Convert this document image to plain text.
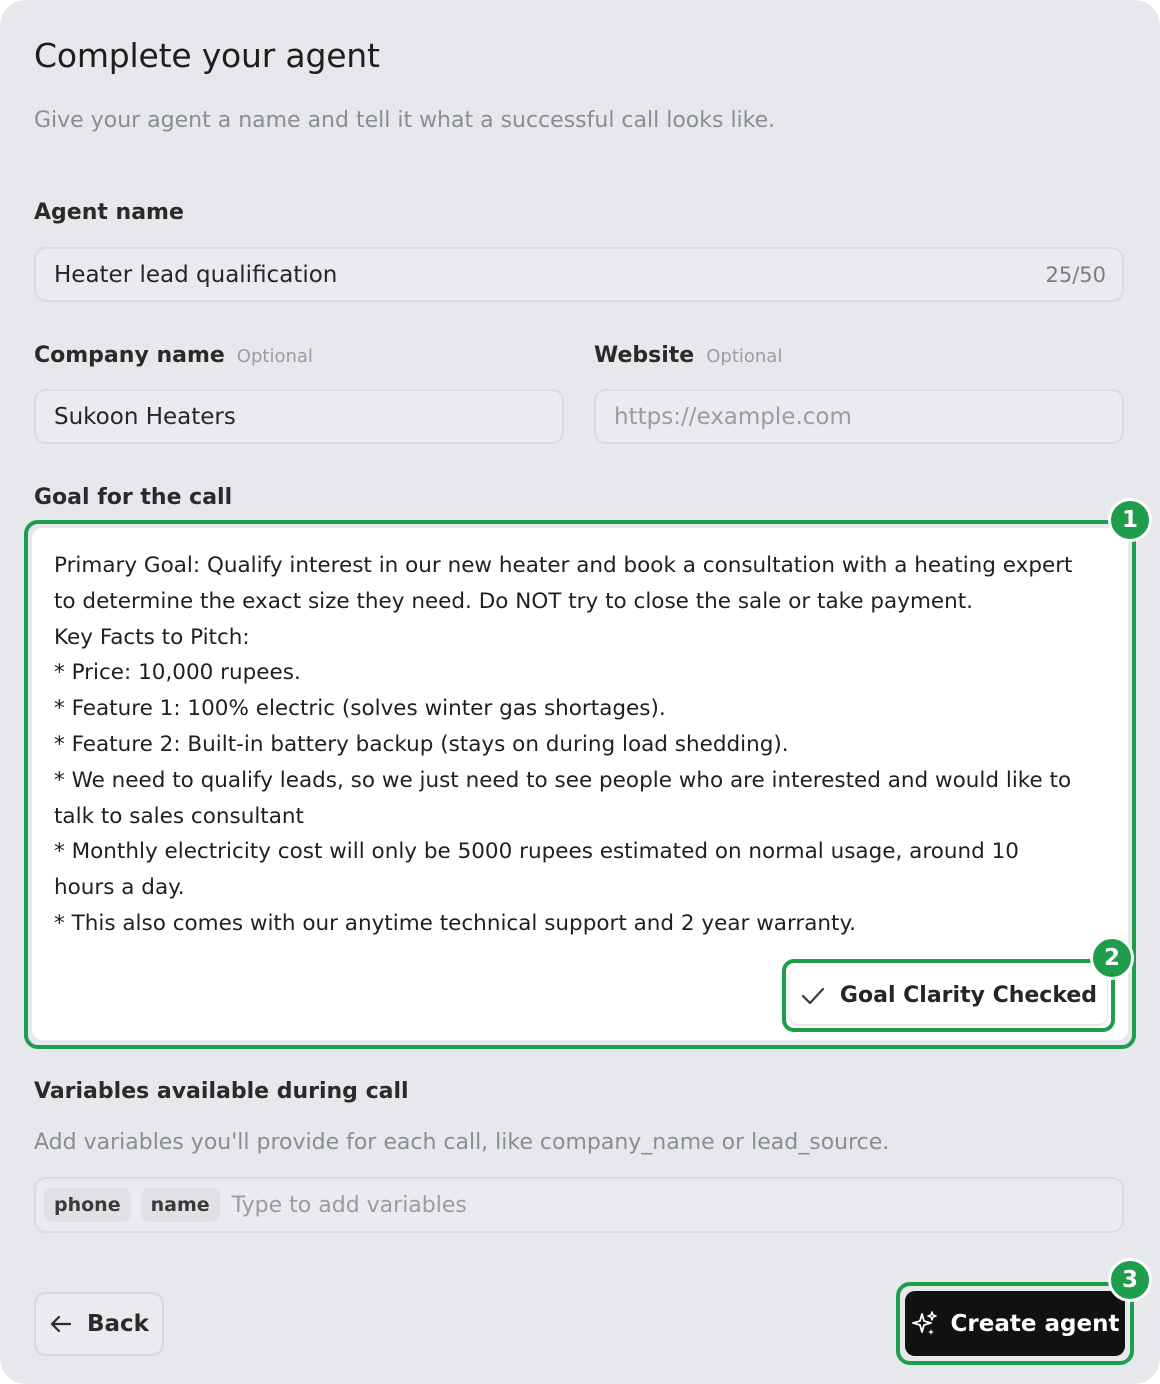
Complete your agent

Give your agent a name and tell it what a successful call looks like.

Agent name
Heater lead qualification	25/50
Company name Optional
Sukoon Heaters
Website Optional
https://example.com
Goal for the call
Primary Goal: Qualify interest in our new heater and book a consultation with a heating expert
to determine the exact size they need. Do NOT try to close the sale or take payment.
Key Facts to Pitch:
* Price: 10,000 rupees.
* Feature 1: 100% electric (solves winter gas shortages).
* Feature 2: Built-in battery backup (stays on during load shedding).
* We need to qualify leads, so we just need to see people who are interested and would like to
talk to sales consultant
* Monthly electricity cost will only be 5000 rupees estimated on normal usage, around 10
hours a day.
* This also comes with our anytime technical support and 2 year warranty.
Goal Clarity Checked
Variables available during call

Add variables you'll provide for each call, like company_name or lead_source.

phone	name	Type to add variables
Back	Create agent
1
2
3
